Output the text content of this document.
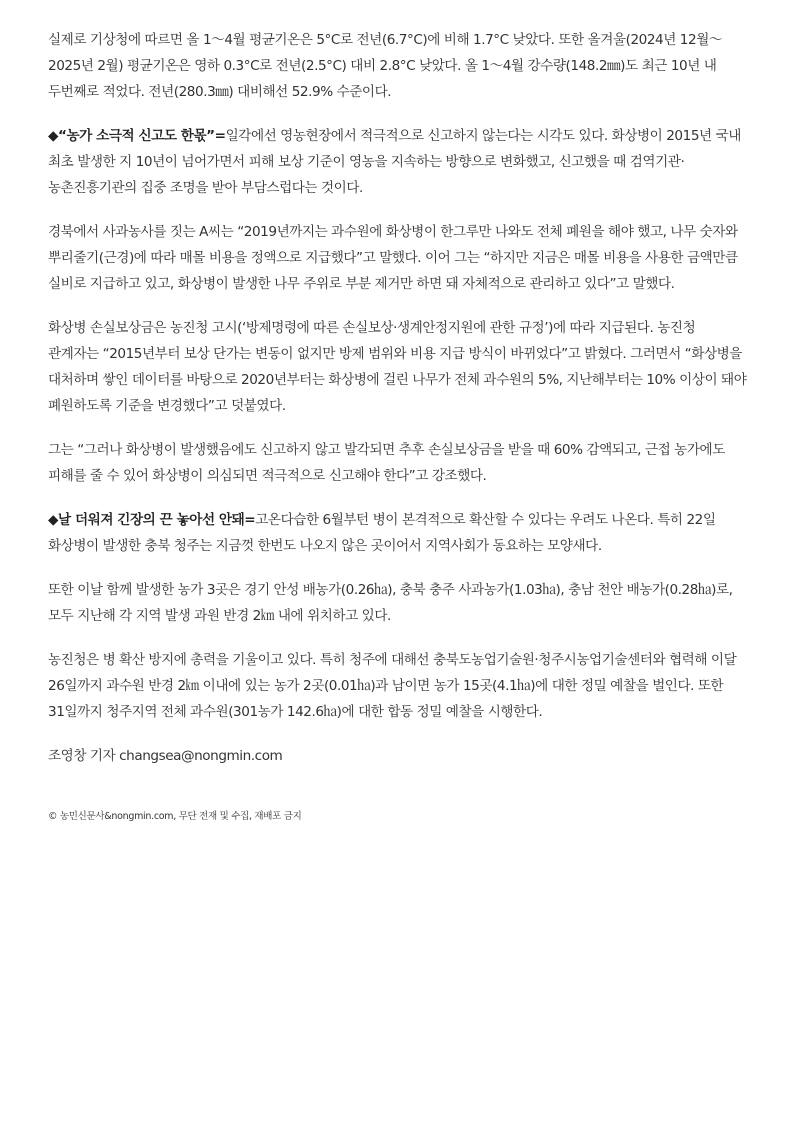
실제로 기상청에 따르면 올 1～4월 평균기온은 5°C로 전년(6.7°C)에 비해 1.7°C 낮았다. 또한 올겨울(2024년 12월～2025년 2월) 평균기온은 영하 0.3°C로 전년(2.5°C) 대비 2.8°C 낮았다. 올 1～4월 강수량(148.2㎜)도 최근 10년 내 두번째로 적었다. 전년(280.3㎜) 대비해선 52.9% 수준이다.

◆“농가 소극적 신고도 한몫”=일각에선 영농현장에서 적극적으로 신고하지 않는다는 시각도 있다. 화상병이 2015년 국내 최초 발생한 지 10년이 넘어가면서 피해 보상 기준이 영농을 지속하는 방향으로 변화했고, 신고했을 때 검역기관·농촌진흥기관의 집중 조명을 받아 부담스럽다는 것이다.

경북에서 사과농사를 짓는 A씨는 “2019년까지는 과수원에 화상병이 한그루만 나와도 전체 폐원을 해야 했고, 나무 숫자와 뿌리줄기(근경)에 따라 매몰 비용을 정액으로 지급했다”고 말했다. 이어 그는 “하지만 지금은 매몰 비용을 사용한 금액만큼 실비로 지급하고 있고, 화상병이 발생한 나무 주위로 부분 제거만 하면 돼 자체적으로 관리하고 있다”고 말했다.

화상병 손실보상금은 농진청 고시(‘방제명령에 따른 손실보상·생계안정지원에 관한 규정’)에 따라 지급된다. 농진청 관계자는 “2015년부터 보상 단가는 변동이 없지만 방제 범위와 비용 지급 방식이 바뀌었다”고 밝혔다. 그러면서 “화상병을 대처하며 쌓인 데이터를 바탕으로 2020년부터는 화상병에 걸린 나무가 전체 과수원의 5%, 지난해부터는 10% 이상이 돼야 폐원하도록 기준을 변경했다”고 덧붙였다.

그는 “그러나 화상병이 발생했음에도 신고하지 않고 발각되면 추후 손실보상금을 받을 때 60% 감액되고, 근접 농가에도 피해를 줄 수 있어 화상병이 의심되면 적극적으로 신고해야 한다”고 강조했다.

◆날 더워져 긴장의 끈 놓아선 안돼=고온다습한 6월부턴 병이 본격적으로 확산할 수 있다는 우려도 나온다. 특히 22일 화상병이 발생한 충북 청주는 지금껏 한번도 나오지 않은 곳이어서 지역사회가 동요하는 모양새다.

또한 이날 함께 발생한 농가 3곳은 경기 안성 배농가(0.26㏊), 충북 충주 사과농가(1.03㏊), 충남 천안 배농가(0.28㏊)로, 모두 지난해 각 지역 발생 과원 반경 2㎞ 내에 위치하고 있다.

농진청은 병 확산 방지에 총력을 기울이고 있다. 특히 청주에 대해선 충북도농업기술원·청주시농업기술센터와 협력해 이달 26일까지 과수원 반경 2㎞ 이내에 있는 농가 2곳(0.01㏊)과 남이면 농가 15곳(4.1㏊)에 대한 정밀 예찰을 벌인다. 또한 31일까지 청주지역 전체 과수원(301농가 142.6㏊)에 대한 합동 정밀 예찰을 시행한다.

조영창 기자 changsea@nongmin.com

© 농민신문사&nongmin.com, 무단 전재 및 수집, 재배포 금지
